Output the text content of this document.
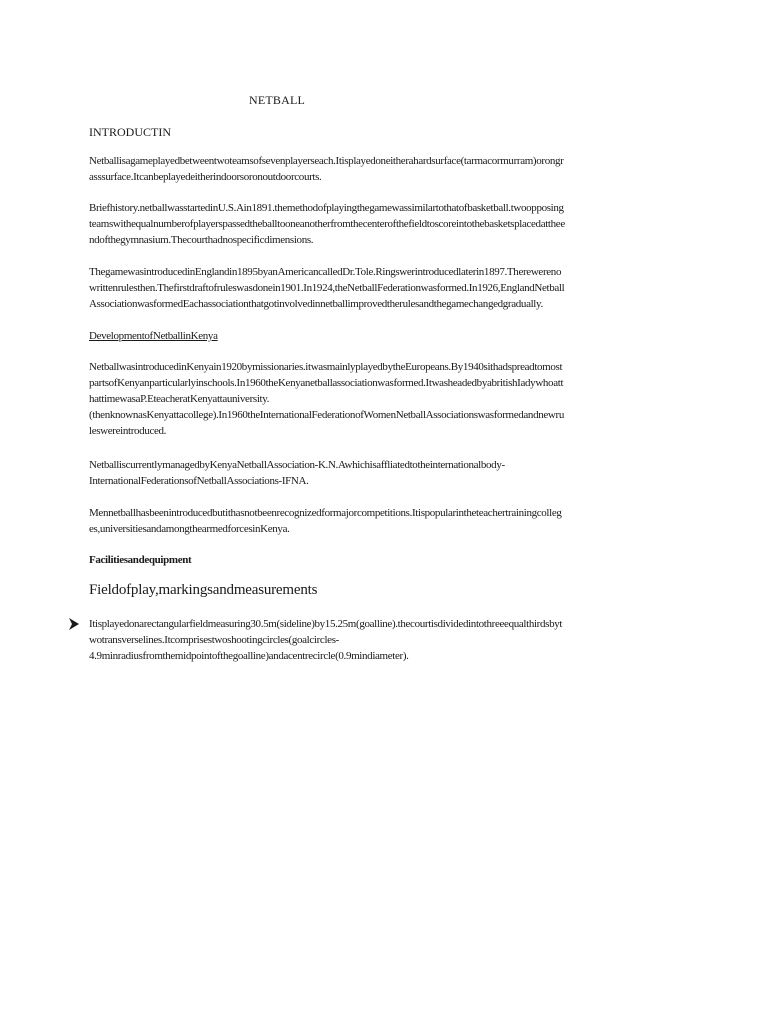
NETBALL
INTRODUCTIN
Netballisagameplayedbetweentwoteamsofsevenplayerseach.Itisplayedoneitherahardsurface(tarmacormurram)orongr
asssurface.Itcanbeplayedeitherindoorsoronoutdoorcourts.
Briefhistory.netballwasstartedinU.S.Ain1891.themethodofplayingthegamewassimilartothatofbasketball.twoopposing
teamswithequalnumberofplayerspassedtheballtooneanotherfromthecenterofthefieldtoscoreintothebasketsplacedatthee
ndofthegymnasium.Thecourthadnospecificdimensions.
ThegamewasintroducedinEnglandin1895byanAmericancalledDr.Tole.Ringswerintroducedlaterin1897.Therewereno
writtenrulesthen.Thefirstdraftofruleswasdonein1901.In1924,theNetballFederationwasformed.In1926,EnglandNetball
AssociationwasformedEachassociationthatgotinvolvedinnetballimprovedtherulesandthegamechangedgradually.
DevelopmentofNetballinKenya
NetballwasintroducedinKenyain1920bymissionaries.itwasmainlyplayedbytheEuropeans.By1940sithadspreadtomost
partsofKenyanparticularlyinschools.In1960theKenyanetballassociationwasformed.ItwasheadedbyabritishIadywhoatt
hattimewasaP.EteacheratKenyattauniversity.
(thenknownasKenyattacollege).In1960theInternationalFederationofWomenNetballAssociationswasformedandnewru
leswereintroduced.
NetballiscurrentlymanagedbyKenyaNetballAssociation-K.N.Awhichisaffliatedtotheinternationalbody-
InternationalFederationsofNetballAssociations-IFNA.
Mennetballhasbeenintroducedbutithasnotbeenrecognizedformajorcompetitions.Itispopularintheteachertrainingcolleg
es,universitiesandamongthearmedforcesinKenya.
Facilitiesandequipment
Fieldofplay,markingsandmeasurements
Itisplayedonarectangularfieldmeasuring30.5m(sideline)by15.25m(goalline).thecourtisdividedintothreeequalthirdsbyt
wotransverselines.Itcomprisestwoshootingcircles(goalcircles-
4.9minradiusfromthemidpointofthegoalline)andacentrecircle(0.9mindiameter).
